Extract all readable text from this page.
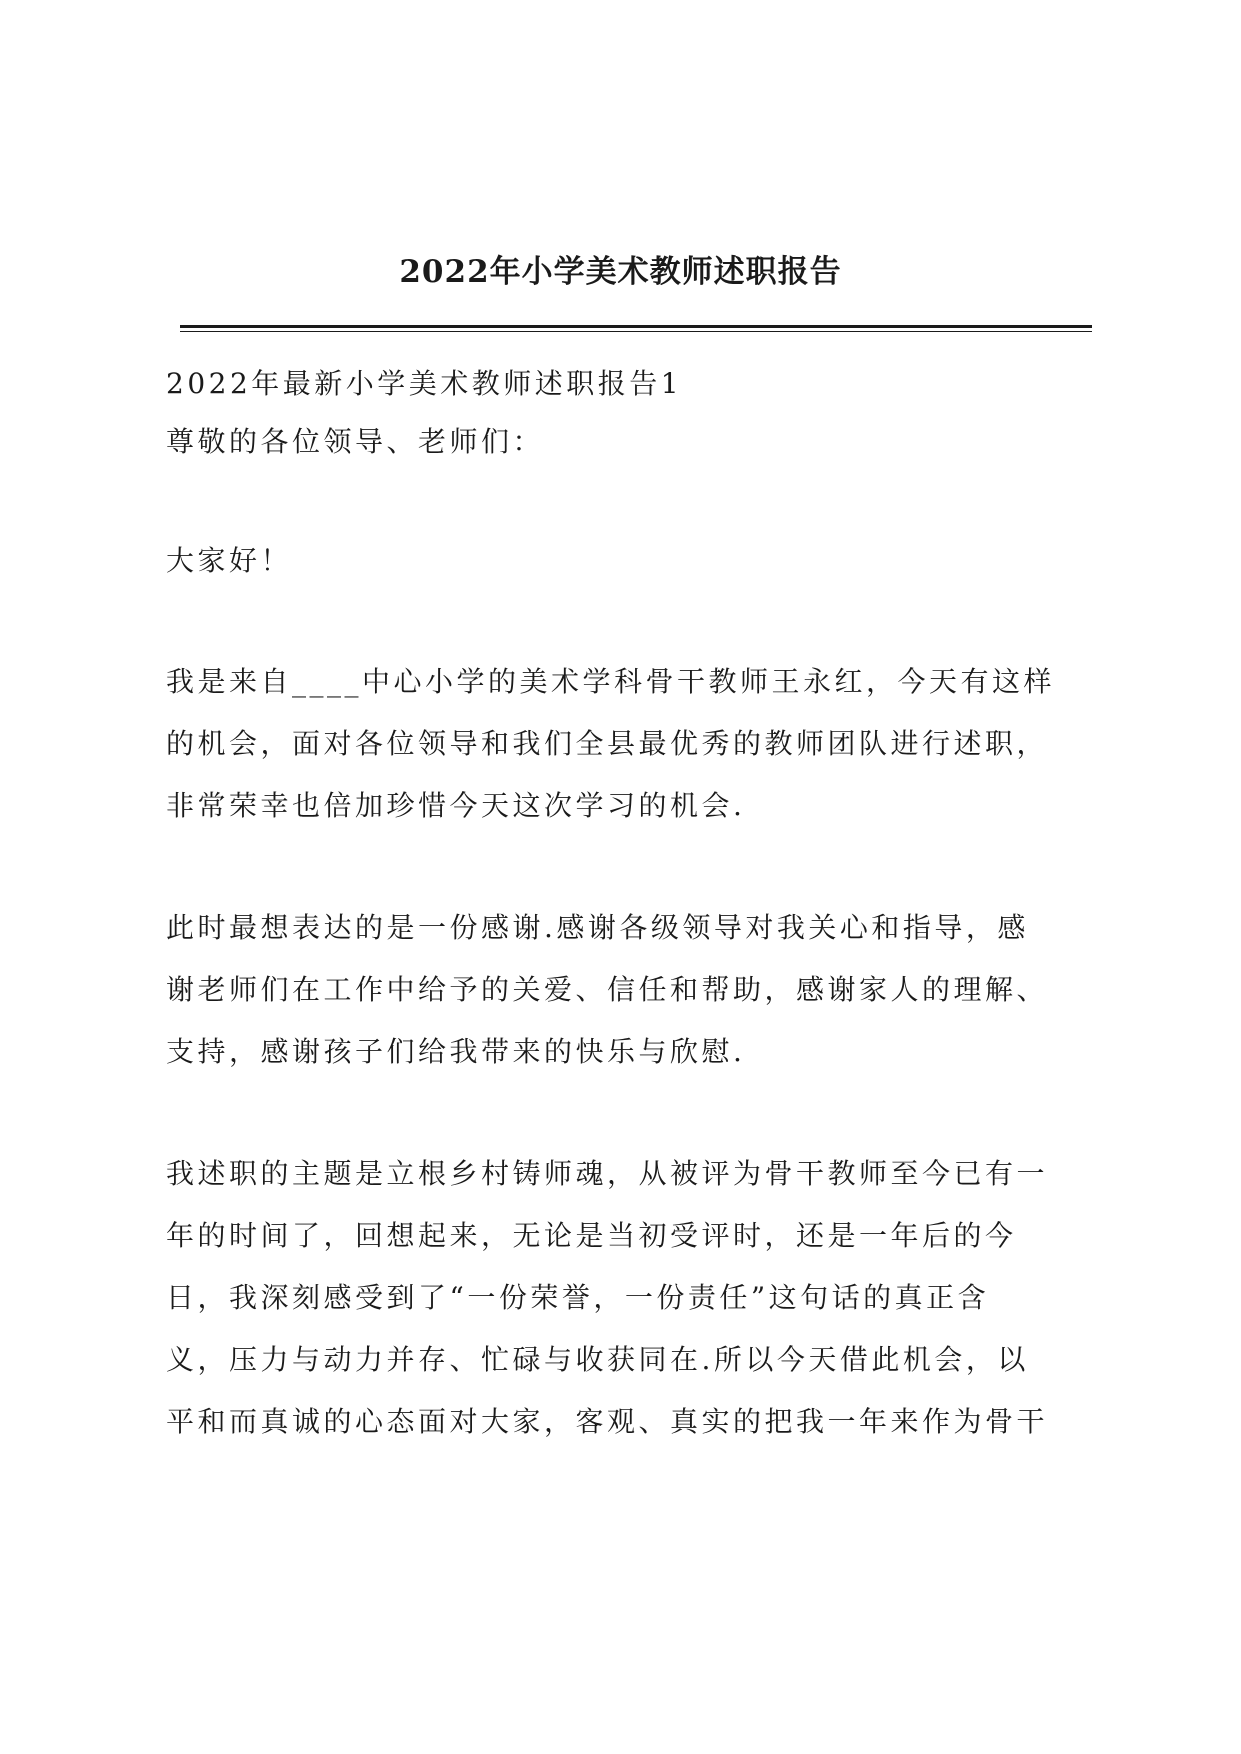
2022年小学美术教师述职报告
2022年最新小学美术教师述职报告1
尊敬的各位领导、老师们：
大家好！
我是来自____中心小学的美术学科骨干教师王永红，今天有这样
的机会，面对各位领导和我们全县最优秀的教师团队进行述职，
非常荣幸也倍加珍惜今天这次学习的机会.
此时最想表达的是一份感谢.感谢各级领导对我关心和指导，感
谢老师们在工作中给予的关爱、信任和帮助，感谢家人的理解、
支持，感谢孩子们给我带来的快乐与欣慰.
我述职的主题是立根乡村铸师魂，从被评为骨干教师至今已有一
年的时间了，回想起来，无论是当初受评时，还是一年后的今
日，我深刻感受到了“一份荣誉，一份责任”这句话的真正含
义，压力与动力并存、忙碌与收获同在.所以今天借此机会，以
平和而真诚的心态面对大家，客观、真实的把我一年来作为骨干
